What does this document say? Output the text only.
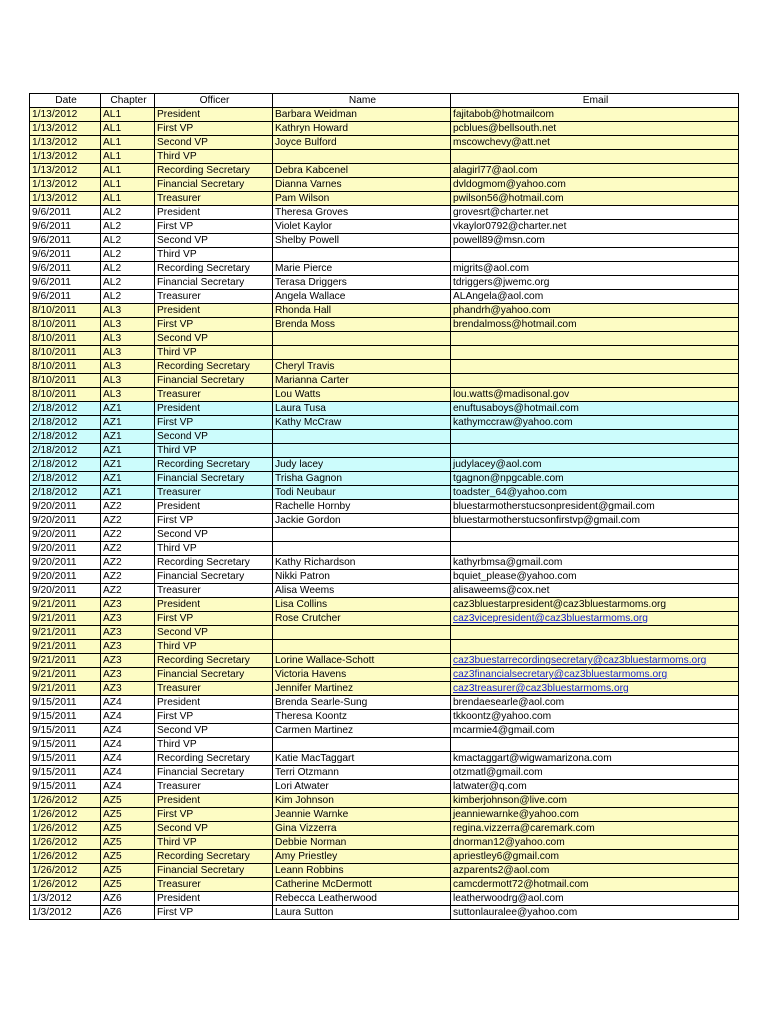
Date	Chapter	Officer	Name	Email
1/13/2012	AL1	President	Barbara Weidman	fajitabob@hotmailcom
1/13/2012	AL1	First VP	Kathryn Howard	pcblues@bellsouth.net
1/13/2012	AL1	Second VP	Joyce Bulford	mscowchevy@att.net
1/13/2012	AL1	Third VP		
1/13/2012	AL1	Recording Secretary	Debra Kabcenel	alagirl77@aol.com
1/13/2012	AL1	Financial Secretary	Dianna Varnes	dvldogmom@yahoo.com
1/13/2012	AL1	Treasurer	Pam Wilson	pwilson56@hotmail.com
9/6/2011	AL2	President	Theresa Groves	grovesrt@charter.net
9/6/2011	AL2	First VP	Violet Kaylor	vkaylor0792@charter.net
9/6/2011	AL2	Second VP	Shelby Powell	powell89@msn.com
9/6/2011	AL2	Third VP		
9/6/2011	AL2	Recording Secretary	Marie Pierce	migrits@aol.com
9/6/2011	AL2	Financial Secretary	Terasa Driggers	tdriggers@jwemc.org
9/6/2011	AL2	Treasurer	Angela Wallace	ALAngela@aol.com
8/10/2011	AL3	President	Rhonda Hall	phandrh@yahoo.com
8/10/2011	AL3	First VP	Brenda Moss	brendalmoss@hotmail.com
8/10/2011	AL3	Second VP		
8/10/2011	AL3	Third VP		
8/10/2011	AL3	Recording Secretary	Cheryl Travis	
8/10/2011	AL3	Financial Secretary	Marianna Carter	
8/10/2011	AL3	Treasurer	Lou Watts	lou.watts@madisonal.gov
2/18/2012	AZ1	President	Laura Tusa	enuftusaboys@hotmail.com
2/18/2012	AZ1	First VP	Kathy McCraw	kathymccraw@yahoo.com
2/18/2012	AZ1	Second VP		
2/18/2012	AZ1	Third VP		
2/18/2012	AZ1	Recording Secretary	Judy lacey	judylacey@aol.com
2/18/2012	AZ1	Financial Secretary	Trisha Gagnon	tgagnon@npgcable.com
2/18/2012	AZ1	Treasurer	Todi Neubaur	toadster_64@yahoo.com
9/20/2011	AZ2	President	Rachelle Hornby	bluestarmotherstucsonpresident@gmail.com
9/20/2011	AZ2	First VP	Jackie Gordon	bluestarmotherstucsonfirstvp@gmail.com
9/20/2011	AZ2	Second VP		
9/20/2011	AZ2	Third VP		
9/20/2011	AZ2	Recording Secretary	Kathy Richardson	kathyrbmsa@gmail.com
9/20/2011	AZ2	Financial Secretary	Nikki Patron	bquiet_please@yahoo.com
9/20/2011	AZ2	Treasurer	Alisa Weems	alisaweems@cox.net
9/21/2011	AZ3	President	Lisa Collins	caz3bluestarpresident@caz3bluestarmoms.org
9/21/2011	AZ3	First VP	Rose Crutcher	caz3vicepresident@caz3bluestarmoms.org
9/21/2011	AZ3	Second VP		
9/21/2011	AZ3	Third VP		
9/21/2011	AZ3	Recording Secretary	Lorine Wallace-Schott	caz3buestarrecordingsecretary@caz3bluestarmoms.org
9/21/2011	AZ3	Financial Secretary	Victoria Havens	caz3financialsecretary@caz3bluestarmoms.org
9/21/2011	AZ3	Treasurer	Jennifer Martinez	caz3treasurer@caz3bluestarmoms.org
9/15/2011	AZ4	President	Brenda Searle-Sung	brendaesearle@aol.com
9/15/2011	AZ4	First VP	Theresa Koontz	tkkoontz@yahoo.com
9/15/2011	AZ4	Second VP	Carmen Martinez	mcarmie4@gmail.com
9/15/2011	AZ4	Third VP		
9/15/2011	AZ4	Recording Secretary	Katie MacTaggart	kmactaggart@wigwamarizona.com
9/15/2011	AZ4	Financial Secretary	Terri Otzmann	otzmatl@gmail.com
9/15/2011	AZ4	Treasurer	Lori Atwater	latwater@q.com
1/26/2012	AZ5	President	Kim Johnson	kimberjohnson@live.com
1/26/2012	AZ5	First VP	Jeannie Warnke	jeanniewarnke@yahoo.com
1/26/2012	AZ5	Second VP	Gina Vizzerra	regina.vizzerra@caremark.com
1/26/2012	AZ5	Third VP	Debbie Norman	dnorman12@yahoo.com
1/26/2012	AZ5	Recording Secretary	Amy Priestley	apriestley6@gmail.com
1/26/2012	AZ5	Financial Secretary	Leann Robbins	azparents2@aol.com
1/26/2012	AZ5	Treasurer	Catherine McDermott	camcdermott72@hotmail.com
1/3/2012	AZ6	President	Rebecca Leatherwood	leatherwoodrg@aol.com
1/3/2012	AZ6	First VP	Laura Sutton	suttonlauralee@yahoo.com
